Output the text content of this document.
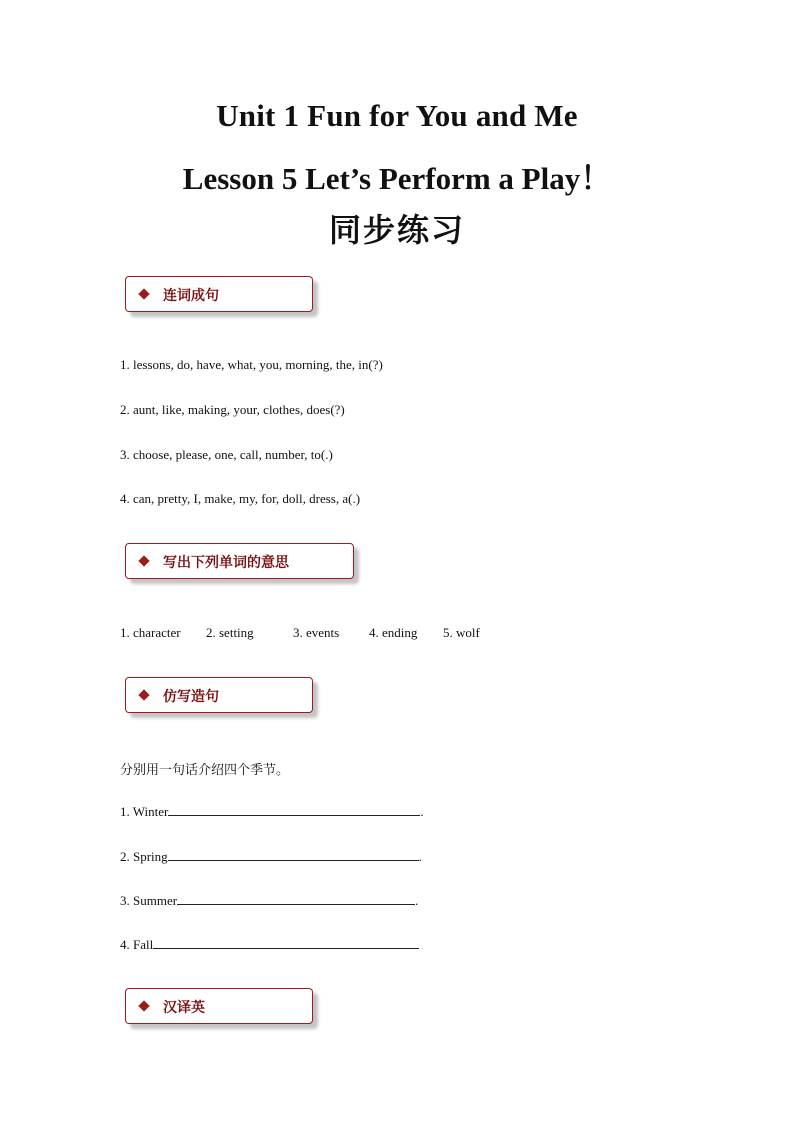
Unit 1 Fun for You and Me
Lesson 5 Let’s Perform a Play！
同步练习
连词成句
1. lessons, do, have, what, you, morning, the, in(?)
2. aunt, like, making, your, clothes, does(?)
3. choose, please, one, call, number, to(.)
4. can, pretty, I, make, my, for, doll, dress, a(.)
写出下列单词的意思
1. character 2. setting	3. events 4. ending 5. wolf
仿写造句
分别用一句话介绍四个季节。
1. Winter	.
2. Spring	.
3. Summer	.
4. Fall
汉译英
